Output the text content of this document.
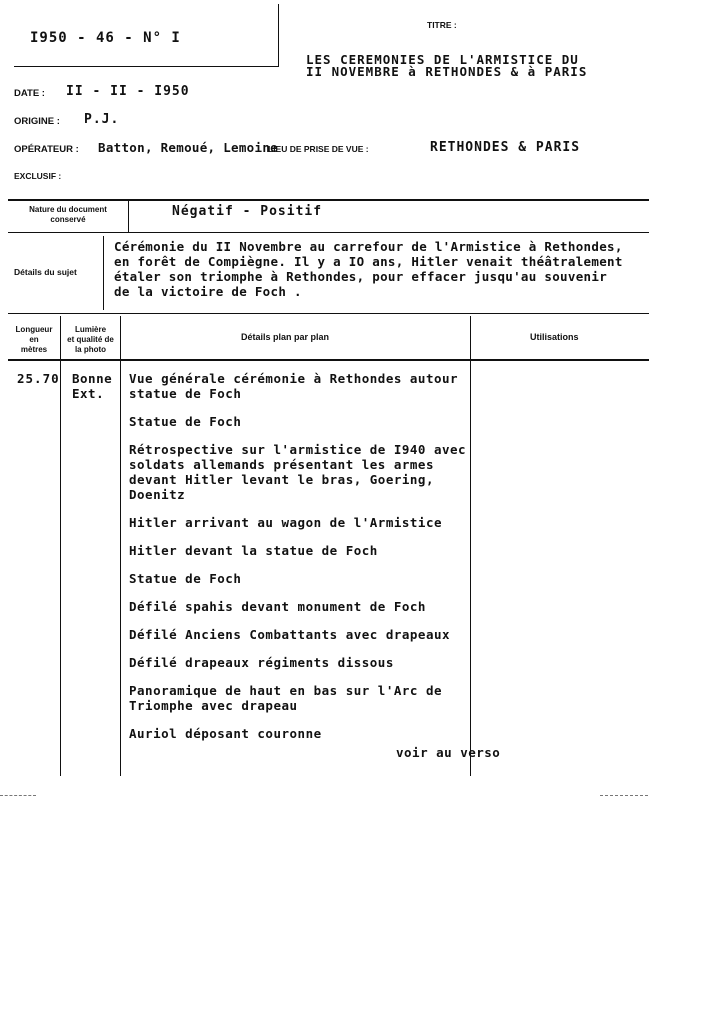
I950 - 46 - N° I
TITRE :
LES CEREMONIES DE L'ARMISTICE DU
II NOVEMBRE à RETHONDES & à PARIS
DATE : II - II - I950
ORIGINE : P.J.
OPÉRATEUR : Batton, Remoué, Lemoine
LIEU DE PRISE DE VUE :	RETHONDES & PARIS
EXCLUSIF :
Nature du document
conservé
Négatif - Positif
Détails du sujet
Cérémonie du II Novembre au carrefour de l'Armistice à Rethondes,
en forêt de Compiègne. Il y a IO ans, Hitler venait théâtralement
étaler son triomphe à Rethondes, pour effacer jusqu'au souvenir
de la victoire de Foch .
Longueur
en
mètres
Lumière
et qualité de
la photo
Détails plan par plan	Utilisations
25.70 Bonne
Ext.
Vue générale cérémonie à Rethondes autour
statue de Foch
Statue de Foch
Rétrospective sur l'armistice de I940 avec
soldats allemands présentant les armes
devant Hitler levant le bras, Goering,
Doenitz
Hitler arrivant au wagon de l'Armistice
Hitler devant la statue de Foch
Statue de Foch
Défilé spahis devant monument de Foch
Défilé Anciens Combattants avec drapeaux
Défilé drapeaux régiments dissous
Panoramique de haut en bas sur l'Arc de
Triomphe avec drapeau
Auriol déposant couronne
voir au verso
